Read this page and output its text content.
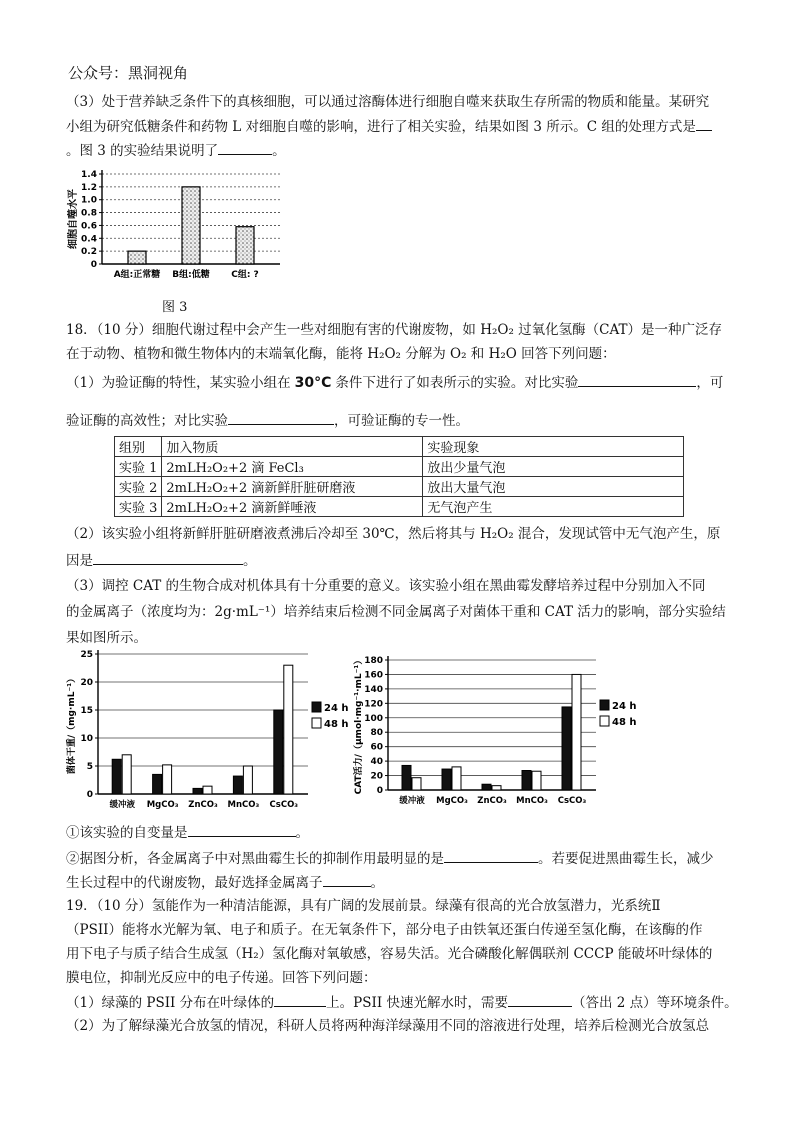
公众号：黑洞视角
（3）处于营养缺乏条件下的真核细胞，可以通过溶酶体进行细胞自噬来获取生存所需的物质和能量。某研究
小组为研究低糖条件和药物 L 对细胞自噬的影响，进行了相关实验，结果如图 3 所示。C 组的处理方式是
。图 3 的实验结果说明了	。
0
0.2
0.4
0.6
0.8
1.0
1.2
1.4
细胞自噬水平
A组:正常糖 B组:低糖 C组: ?
图 3
18．（10 分）细胞代谢过程中会产生一些对细胞有害的代谢废物，如 H₂O₂ 过氧化氢酶（CAT）是一种广泛存
在于动物、植物和微生物体内的末端氧化酶，能将 H₂O₂ 分解为 O₂ 和 H₂O 回答下列问题：
（1）为验证酶的特性，某实验小组在 30°C 条件下进行了如表所示的实验。对比实验	，可
验证酶的高效性；对比实验	，可验证酶的专一性。
组别	加入物质	实验现象
实验 1	2mLH₂O₂+2 滴 FeCl₃	放出少量气泡
实验 2	2mLH₂O₂+2 滴新鲜肝脏研磨液	放出大量气泡
实验 3	2mLH₂O₂+2 滴新鲜唾液	无气泡产生
（2）该实验小组将新鲜肝脏研磨液煮沸后冷却至 30℃，然后将其与 H₂O₂ 混合，发现试管中无气泡产生，原
因是	。
（3）调控 CAT 的生物合成对机体具有十分重要的意义。该实验小组在黑曲霉发酵培养过程中分别加入不同
的金属离子（浓度均为：2g·mL⁻¹）培养结束后检测不同金属离子对菌体干重和 CAT 活力的影响，部分实验结
果如图所示。
0
5
10
15
20
25
菌体干重/（mg·mL⁻¹）
缓冲液 MgCO₃ ZnCO₃ MnCO₃ CsCO₃
24 h
48 h
0
20
40
60
80
100
120
140
160
180
CAT活力/（μmol·mg⁻¹·mL⁻¹）
缓冲液 MgCO₃ ZnCO₃ MnCO₃ CsCO₃
24 h
48 h
①该实验的自变量是	。
②据图分析，各金属离子中对黑曲霉生长的抑制作用最明显的是	。若要促进黑曲霉生长，减少
生长过程中的代谢废物，最好选择金属离子	。
19．（10 分）氢能作为一种清洁能源，具有广阔的发展前景。绿藻有很高的光合放氢潜力，光系统Ⅱ
（PSII）能将水光解为氧、电子和质子。在无氧条件下，部分电子由铁氧还蛋白传递至氢化酶，在该酶的作
用下电子与质子结合生成氢（H₂）氢化酶对氧敏感，容易失活。光合磷酸化解偶联剂 CCCP 能破坏叶绿体的
膜电位，抑制光反应中的电子传递。回答下列问题：
（1）绿藻的 PSII 分布在叶绿体的	上。PSII 快速光解水时，需要	（答出 2 点）等环境条件。
（2）为了解绿藻光合放氢的情况，科研人员将两种海洋绿藻用不同的溶液进行处理，培养后检测光合放氢总
